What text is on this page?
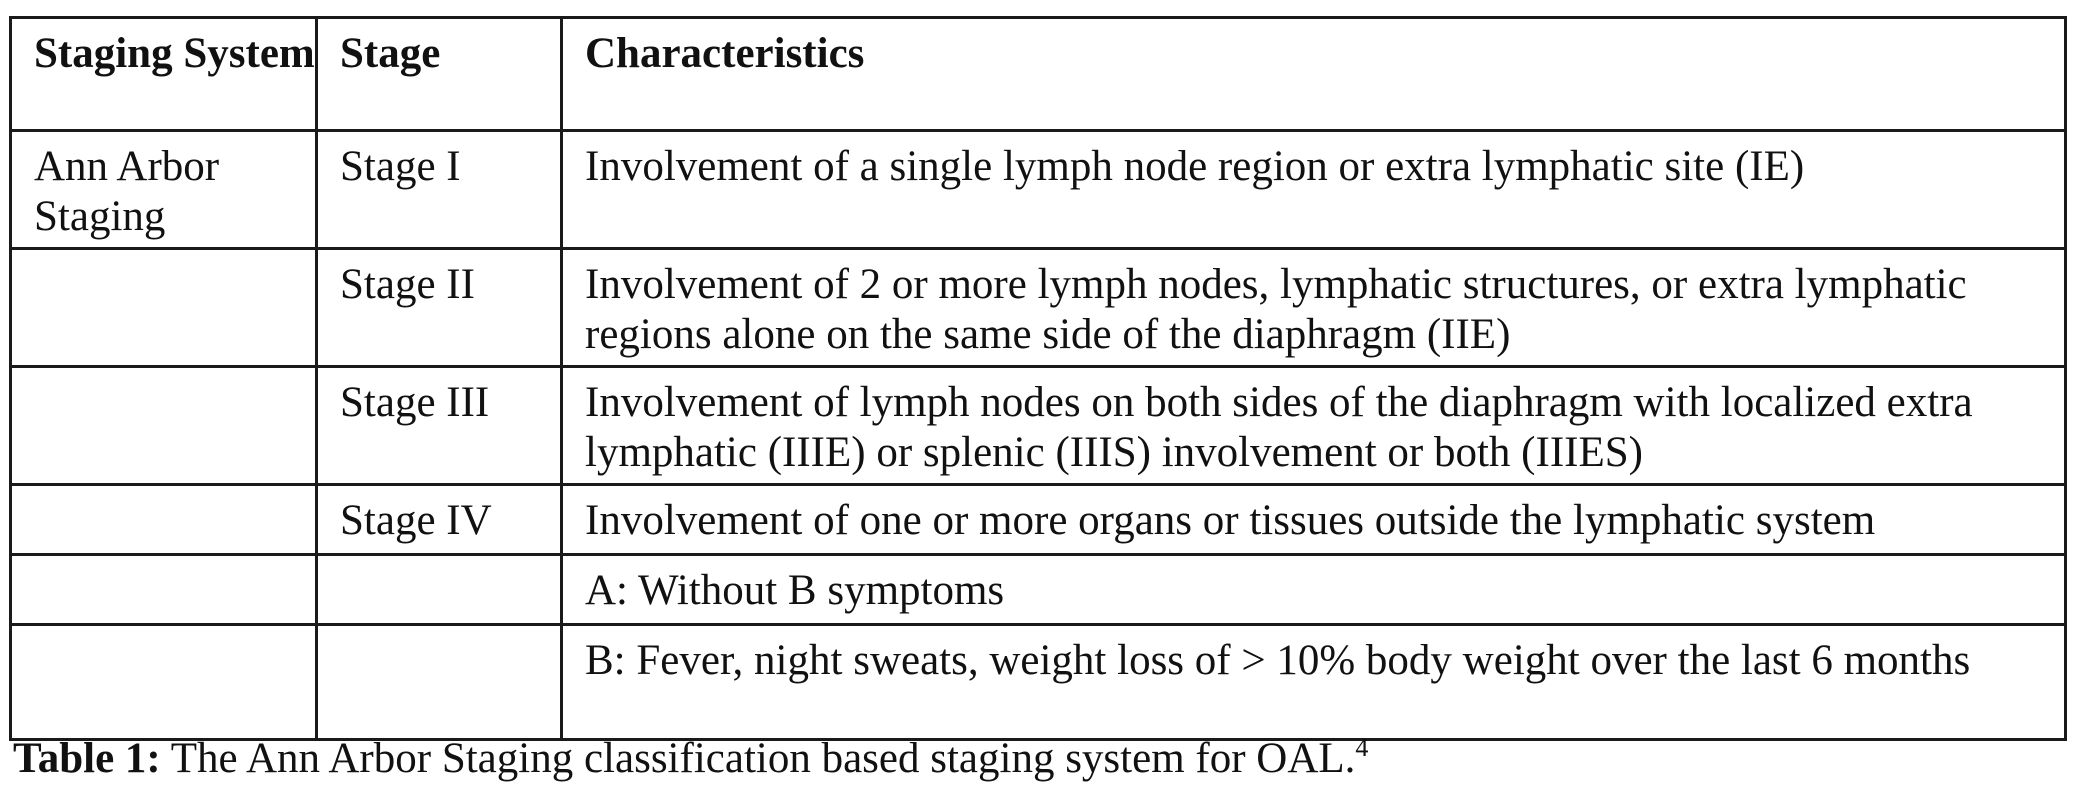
Staging System	Stage	Characteristics
Ann Arbor Staging	Stage I	Involvement of a single lymph node region or extra lymphatic site (IE)
	Stage II	Involvement of 2 or more lymph nodes, lymphatic structures, or extra lymphatic regions alone on the same side of the diaphragm (IIE)
	Stage III	Involvement of lymph nodes on both sides of the diaphragm with localized extra lymphatic (IIIE) or splenic (IIIS) involvement or both (IIIES)
	Stage IV	Involvement of one or more organs or tissues outside the lymphatic system
		A: Without B symptoms
		B: Fever, night sweats, weight loss of > 10% body weight over the last 6 months
Table 1: The Ann Arbor Staging classification based staging system for OAL.$^4$
